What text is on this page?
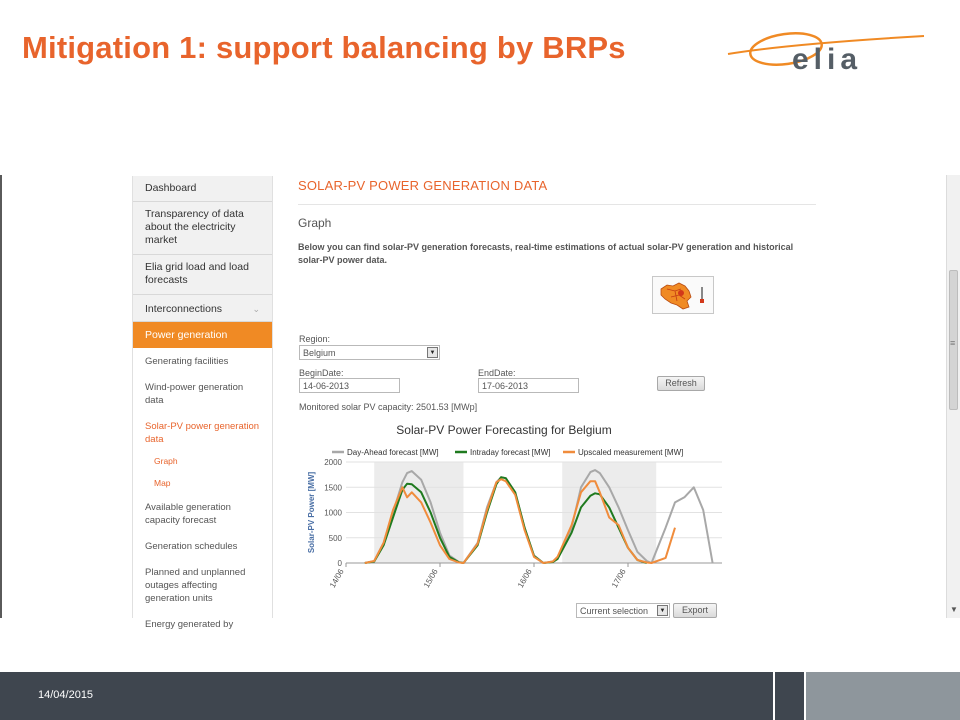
Mitigation 1: support balancing by BRPs	elia
≡
▼
Dashboard
Transparency of data about the electricity market
Elia grid load and load forecasts
Interconnections	⌄
Power generation
Generating facilities
Wind-power generation data
Solar-PV power generation data
Graph
Map
Available generation capacity forecast
Generation schedules
Planned and unplanned outages affecting generation units
Energy generated by
SOLAR-PV POWER GENERATION DATA
Graph
Below you can find solar-PV generation forecasts, real-time estimations of actual solar-PV generation and historical solar-PV power data.
Region:
Belgium	▼
BeginDate:
14-06-2013
EndDate:
17-06-2013	Refresh
Monitored solar PV capacity: 2501.53 [MWp]
0
500
1000
1500
2000
14/06	15/06	16/06	17/06
Solar-PV Power Forecasting for Belgium
Solar-PV Power [MW]
Day-Ahead forecast [MW]	Intraday forecast [MW]	Upscaled measurement [MW]
Current selection	▼	Export
14/04/2015
